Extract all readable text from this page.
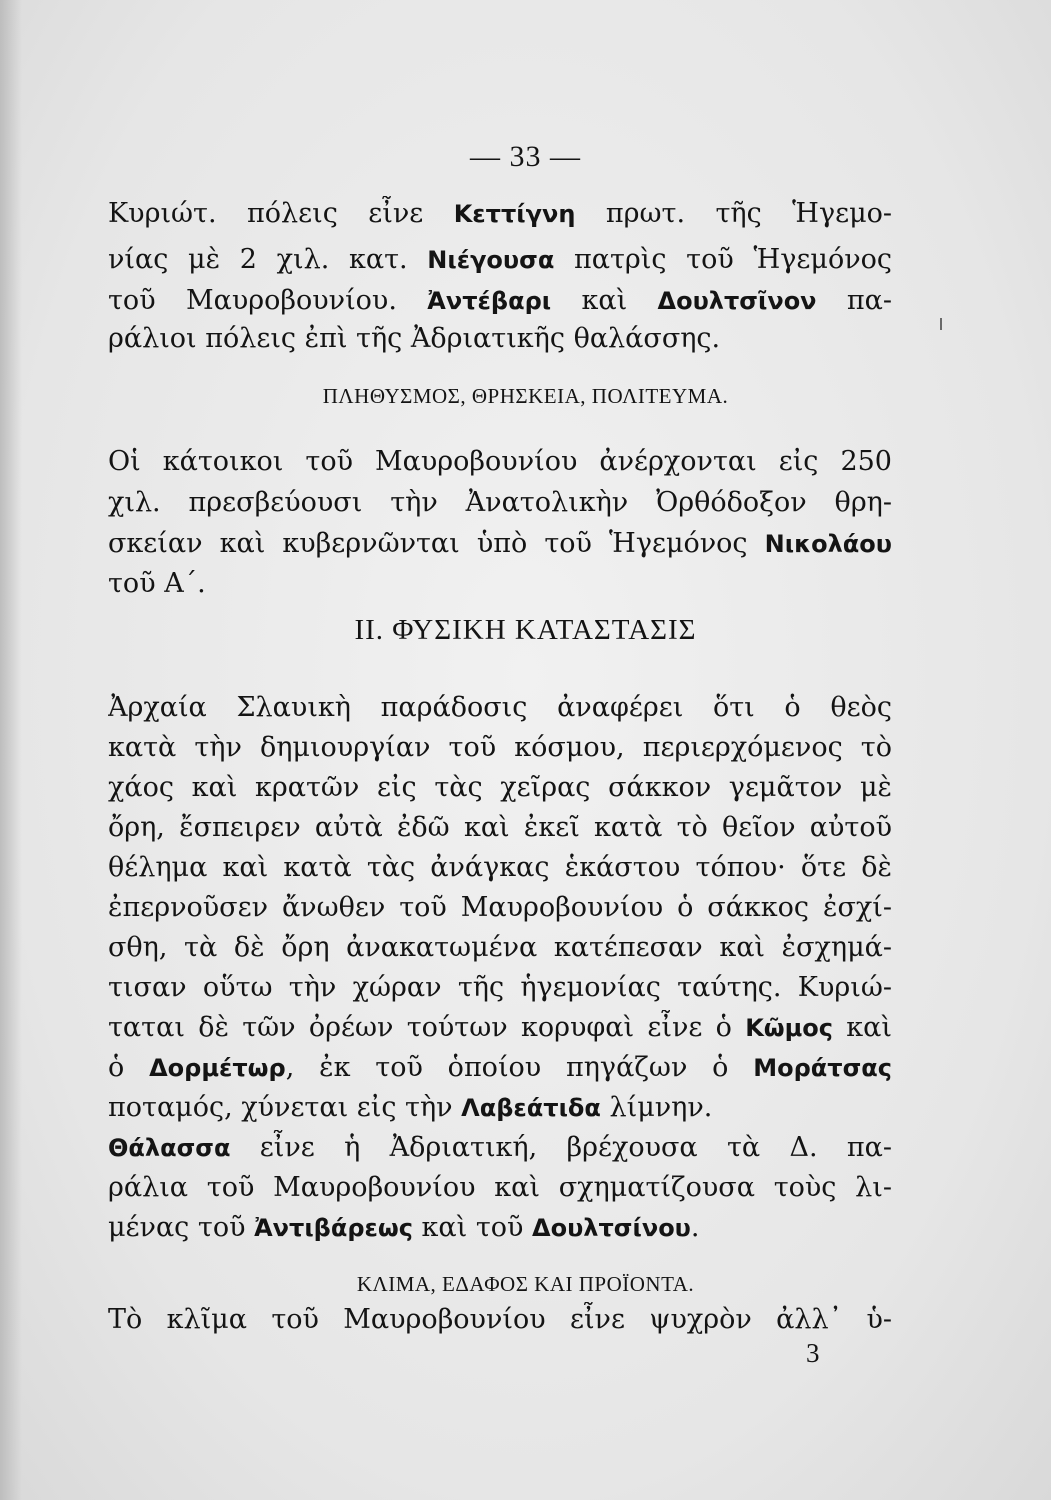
— 33 —
Κυριώτ. πόλεις εἶνε Κεττίγνη πρωτ. τῆς Ἡγεμο-
νίας μὲ 2 χιλ. κατ. Νιέγουσα πατρὶς τοῦ Ἡγεμόνος
τοῦ Μαυροβουνίου. Ἀντέβαρι καὶ Δουλτσῖνον πα-
ράλιοι πόλεις ἐπὶ τῆς Ἀδριατικῆς θαλάσσης.
ΠΛΗΘΥΣΜΟΣ, ΘΡΗΣΚΕΙΑ, ΠΟΛΙΤΕΥΜΑ.
Οἱ κάτοικοι τοῦ Μαυροβουνίου ἀνέρχονται εἰς 250
χιλ. πρεσβεύουσι τὴν Ἀνατολικὴν Ὀρθόδοξον θρη-
σκείαν καὶ κυβερνῶνται ὑπὸ τοῦ Ἡγεμόνος Νικολάου
τοῦ Α΄.
II. ΦΥΣΙΚΗ ΚΑΤΑΣΤΑΣΙΣ
Ἀρχαία Σλαυικὴ παράδοσις ἀναφέρει ὅτι ὁ θεὸς
κατὰ τὴν δημιουργίαν τοῦ κόσμου, περιερχόμενος τὸ
χάος καὶ κρατῶν εἰς τὰς χεῖρας σάκκον γεμᾶτον μὲ
ὄρη, ἔσπειρεν αὐτὰ ἐδῶ καὶ ἐκεῖ κατὰ τὸ θεῖον αὐτοῦ
θέλημα καὶ κατὰ τὰς ἀνάγκας ἑκάστου τόπου· ὅτε δὲ
ἐπερνοῦσεν ἄνωθεν τοῦ Μαυροβουνίου ὁ σάκκος ἐσχί-
σθη, τὰ δὲ ὄρη ἀνακατωμένα κατέπεσαν καὶ ἐσχημά-
τισαν οὕτω τὴν χώραν τῆς ἡγεμονίας ταύτης. Κυριώ-
ταται δὲ τῶν ὀρέων τούτων κορυφαὶ εἶνε ὁ Κῶμος καὶ
ὁ Δορμέτωρ, ἐκ τοῦ ὁποίου πηγάζων ὁ Μοράτσας
ποταμός, χύνεται εἰς τὴν Λαβεάτιδα λίμνην.
Θάλασσα εἶνε ἡ Ἀδριατική, βρέχουσα τὰ Δ. πα-
ράλια τοῦ Μαυροβουνίου καὶ σχηματίζουσα τοὺς λι-
μένας τοῦ Ἀντιβάρεως καὶ τοῦ Δουλτσίνου.
ΚΛΙΜΑ, ΕΔΑΦΟΣ ΚΑΙ ΠΡΟΪΟΝΤΑ.
Τὸ κλῖμα τοῦ Μαυροβουνίου εἶνε ψυχρὸν ἀλλ᾽ ὑ-
3
